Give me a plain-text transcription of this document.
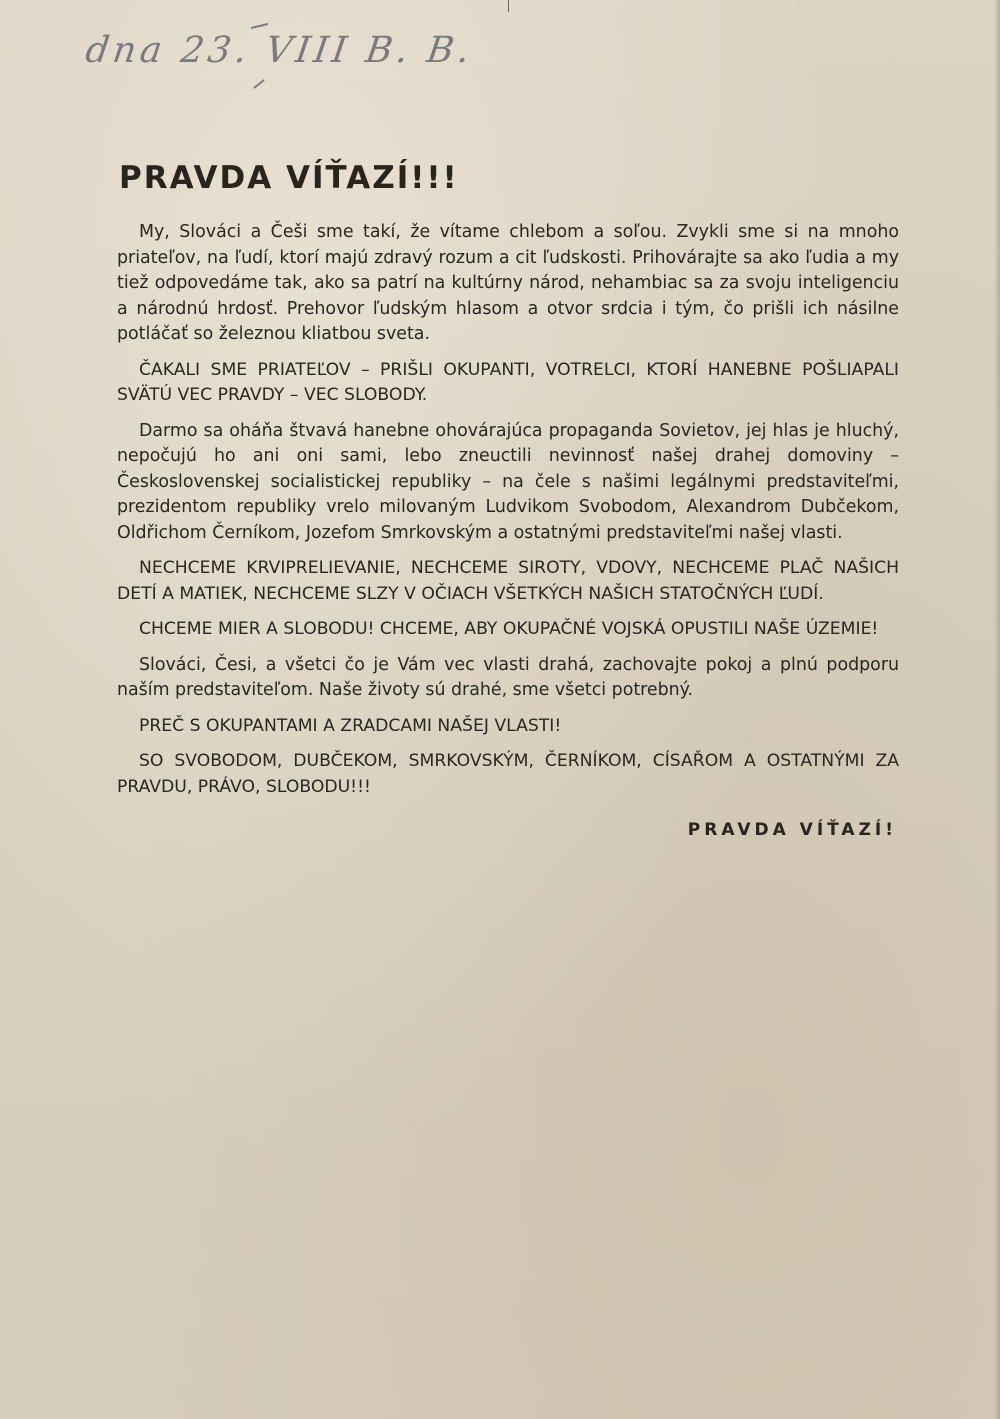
dna 23. VIII B. B.
PRAVDA VÍŤAZÍ!!!

My, Slováci a Češi sme takí, že vítame chlebom a soľou. Zvykli sme si na mnoho priateľov, na ľudí, ktorí majú zdravý rozum a cit ľudskosti. Prihovárajte sa ako ľudia a my tiež odpovedáme tak, ako sa patrí na kultúrny národ, nehambiac sa za svoju inteligenciu a národnú hrdosť. Prehovor ľudským hlasom a otvor srdcia i tým, čo prišli ich násilne potláčať so železnou kliatbou sveta.

ČAKALI SME PRIATEĽOV – PRIŠLI OKUPANTI, VOTRELCI, KTORÍ HANEBNE POŠLIAPALI SVÄTÚ VEC PRAVDY – VEC SLOBODY.

Darmo sa oháňa štvavá hanebne ohovárajúca propaganda Sovietov, jej hlas je hluchý, nepočujú ho ani oni sami, lebo zneuctili nevinnosť našej drahej domoviny – Československej socialistickej republiky – na čele s našimi legálnymi predstaviteľmi, prezidentom republiky vrelo milovaným Ludvikom Svobodom, Alexandrom Dubčekom, Oldřichom Černíkom, Jozefom Smrkovským a ostatnými predstaviteľmi našej vlasti.

NECHCEME KRVIPRELIEVANIE, NECHCEME SIROTY, VDOVY, NECHCEME PLAČ NAŠICH DETÍ A MATIEK, NECHCEME SLZY V OČIACH VŠETKÝCH NAŠICH STATOČNÝCH ĽUDÍ.

CHCEME MIER A SLOBODU! CHCEME, ABY OKUPAČNÉ VOJSKÁ OPUSTILI NAŠE ÚZEMIE!

Slováci, Česi, a všetci čo je Vám vec vlasti drahá, zachovajte pokoj a plnú podporu naším predstaviteľom. Naše životy sú drahé, sme všetci potrebný.

PREČ S OKUPANTAMI A ZRADCAMI NAŠEJ VLASTI!

SO SVOBODOM, DUBČEKOM, SMRKOVSKÝM, ČERNÍKOM, CÍSAŘOM A OSTATNÝMI ZA PRAVDU, PRÁVO, SLOBODU!!!

PRAVDA VÍŤAZÍ!
